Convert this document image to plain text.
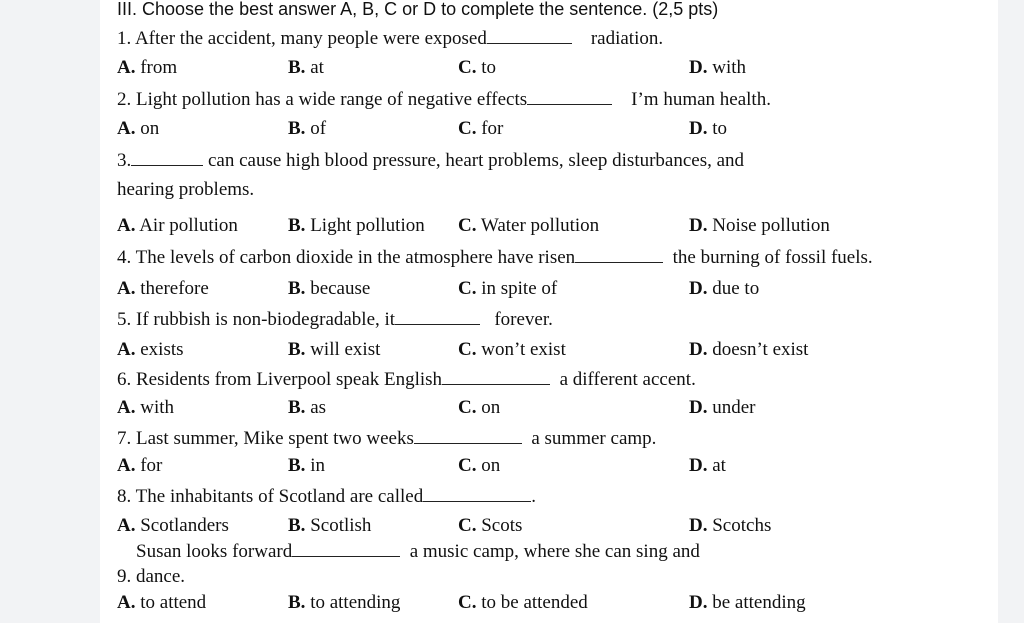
III. Choose the best answer A, B, C or D to complete the sentence. (2,5 pts)
1. After the accident, many people were exposed	radiation.
A. from	B. at	C. to	D. with
2. Light pollution has a wide range of negative effects	I’m human health.
A. on	B. of	C. for	D. to
3.	can cause high blood pressure, heart problems, sleep disturbances, and
hearing problems.
A. Air pollution	B. Light pollution C. Water pollution	D. Noise pollution
4. The levels of carbon dioxide in the atmosphere have risen	the burning of fossil fuels.
A. therefore	B. because	C. in spite of	D. due to
5. If rubbish is non-biodegradable, it	forever.
A. exists	B. will exist	C. won’t exist	D. doesn’t exist
6. Residents from Liverpool speak English	a different accent.
A. with	B. as	C. on	D. under
7. Last summer, Mike spent two weeks	a summer camp.
A. for	B. in	C. on	D. at
8. The inhabitants of Scotland are called	.
A. Scotlanders	B. Scotlish	C. Scots	D. Scotchs
Susan looks forward	a music camp, where she can sing and
9. dance.
A. to attend	B. to attending	C. to be attended	D. be attending
